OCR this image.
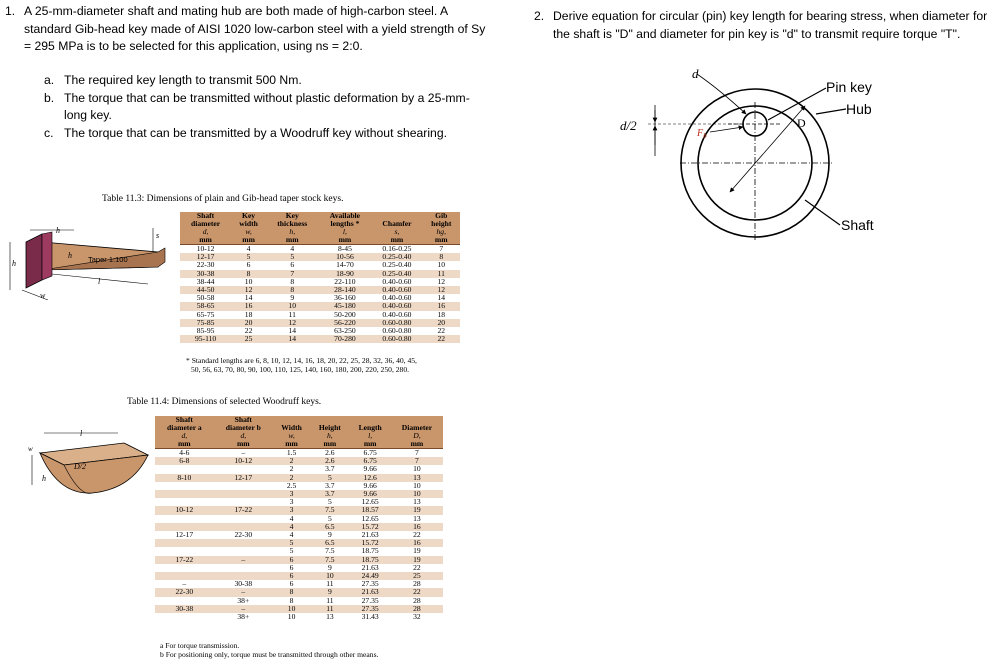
1. A 25-mm-diameter shaft and mating hub are both made of high-carbon steel. A
standard Gib-head key made of AISI 1020 low-carbon steel with a yield strength of Sy
= 295 MPa is to be selected for this application, using ns = 2:0.
a. The required key length to transmit 500 Nm.
b. The torque that can be transmitted without plastic deformation by a 25-mm-
long key.
c. The torque that can be transmitted by a Woodruff key without shearing.
2. Derive equation for circular (pin) key length for bearing stress, when diameter for
the shaft is "D" and diameter for pin key is "d" to transmit require torque "T".
d
d/2
$F_b$
D
Pin key
Hub
Shaft
Table 11.3: Dimensions of plain and Gib-head taper stock keys.
Taper 1:100
h
s
h
h
l
w
Shaft	Key	Key	Available		Gib
diameter	width	thickness	lengths *	Chamfer	height
d,	w,	h,	l,	s,	hg,
mm	mm	mm	mm	mm	mm
10-12	4	4	8-45	0.16-0.25	7
12-17	5	5	10-56	0.25-0.40	8
22-30	6	6	14-70	0.25-0.40	10
30-38	8	7	18-90	0.25-0.40	11
38-44	10	8	22-110	0.40-0.60	12
44-50	12	8	28-140	0.40-0.60	12
50-58	14	9	36-160	0.40-0.60	14
58-65	16	10	45-180	0.40-0.60	16
65-75	18	11	50-200	0.40-0.60	18
75-85	20	12	56-220	0.60-0.80	20
85-95	22	14	63-250	0.60-0.80	22
95-110	25	14	70-280	0.60-0.80	22
* Standard lengths are 6, 8, 10, 12, 14, 16, 18, 20, 22, 25, 28, 32, 36, 40, 45,
50, 56, 63, 70, 80, 90, 100, 110, 125, 140, 160, 180, 200, 220, 250, 280.
Table 11.4: Dimensions of selected Woodruff keys.
l
w
D/2
h
Shaft	Shaft				
diameter a	diameter b	Width	Height	Length	Diameter
d,	d,	w,	h,	l,	D,
mm	mm	mm	mm	mm	mm
4-6	–	1.5	2.6	6.75	7
6-8	10-12	2	2.6	6.75	7
		2	3.7	9.66	10
8-10	12-17	2	5	12.6	13
		2.5	3.7	9.66	10
		3	3.7	9.66	10
		3	5	12.65	13
10-12	17-22	3	7.5	18.57	19
		4	5	12.65	13
		4	6.5	15.72	16
12-17	22-30	4	9	21.63	22
		5	6.5	15.72	16
		5	7.5	18.75	19
17-22	–	6	7.5	18.75	19
		6	9	21.63	22
		6	10	24.49	25
–	30-38	6	11	27.35	28
22-30	–	8	9	21.63	22
	38+	8	11	27.35	28
30-38	–	10	11	27.35	28
	38+	10	13	31.43	32
a For torque transmission.
b For positioning only, torque must be transmitted through other means.
